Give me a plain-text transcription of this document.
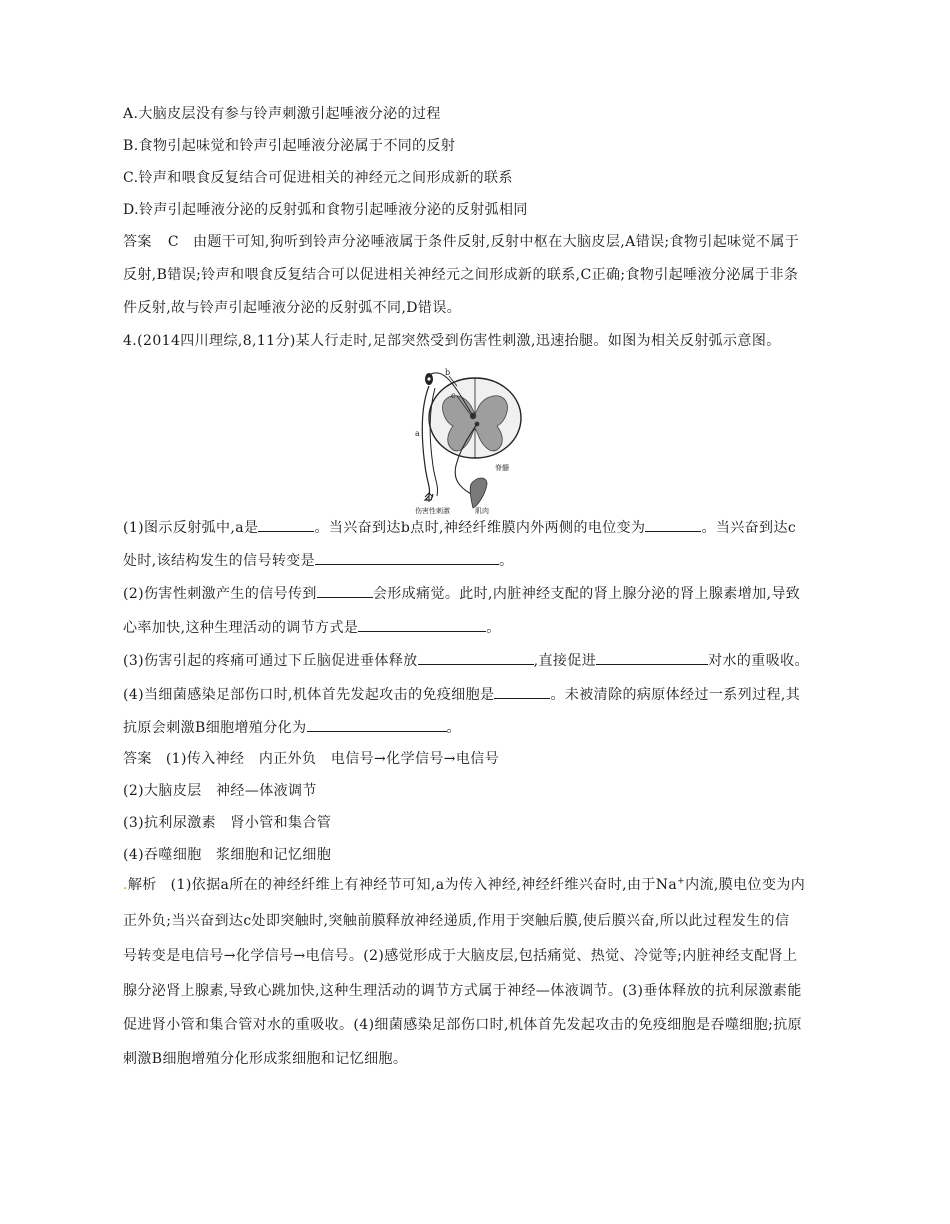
A.大脑皮层没有参与铃声刺激引起唾液分泌的过程
B.食物引起味觉和铃声引起唾液分泌属于不同的反射
C.铃声和喂食反复结合可促进相关的神经元之间形成新的联系
D.铃声引起唾液分泌的反射弧和食物引起唾液分泌的反射弧相同
答案 C 由题干可知,狗听到铃声分泌唾液属于条件反射,反射中枢在大脑皮层,A错误;食物引起味觉不属于
反射,B错误;铃声和喂食反复结合可以促进相关神经元之间形成新的联系,C正确;食物引起唾液分泌属于非条
件反射,故与铃声引起唾液分泌的反射弧不同,D错误。
4.(2014四川理综,8,11分)某人行走时,足部突然受到伤害性刺激,迅速抬腿。如图为相关反射弧示意图。
b
c
a
脊髓
伤害性刺激	肌肉
(1)图示反射弧中,a是	。当兴奋到达b点时,神经纤维膜内外两侧的电位变为	。当兴奋到达c
处时,该结构发生的信号转变是	。
(2)伤害性刺激产生的信号传到	会形成痛觉。此时,内脏神经支配的肾上腺分泌的肾上腺素增加,导致
心率加快,这种生理活动的调节方式是	。
(3)伤害引起的疼痛可通过下丘脑促进垂体释放	,直接促进	对水的重吸收。
(4)当细菌感染足部伤口时,机体首先发起攻击的免疫细胞是	。未被清除的病原体经过一系列过程,其
抗原会刺激B细胞增殖分化为	。
答案 (1)传入神经　内正外负　电信号→化学信号→电信号
(2)大脑皮层　神经—体液调节
(3)抗利尿激素　肾小管和集合管
(4)吞噬细胞　浆细胞和记忆细胞
.解析 (1)依据a所在的神经纤维上有神经节可知,a为传入神经,神经纤维兴奋时,由于Na+内流,膜电位变为内
正外负;当兴奋到达c处即突触时,突触前膜释放神经递质,作用于突触后膜,使后膜兴奋,所以此过程发生的信
号转变是电信号→化学信号→电信号。(2)感觉形成于大脑皮层,包括痛觉、热觉、冷觉等;内脏神经支配肾上
腺分泌肾上腺素,导致心跳加快,这种生理活动的调节方式属于神经—体液调节。(3)垂体释放的抗利尿激素能
促进肾小管和集合管对水的重吸收。(4)细菌感染足部伤口时,机体首先发起攻击的免疫细胞是吞噬细胞;抗原
刺激B细胞增殖分化形成浆细胞和记忆细胞。
